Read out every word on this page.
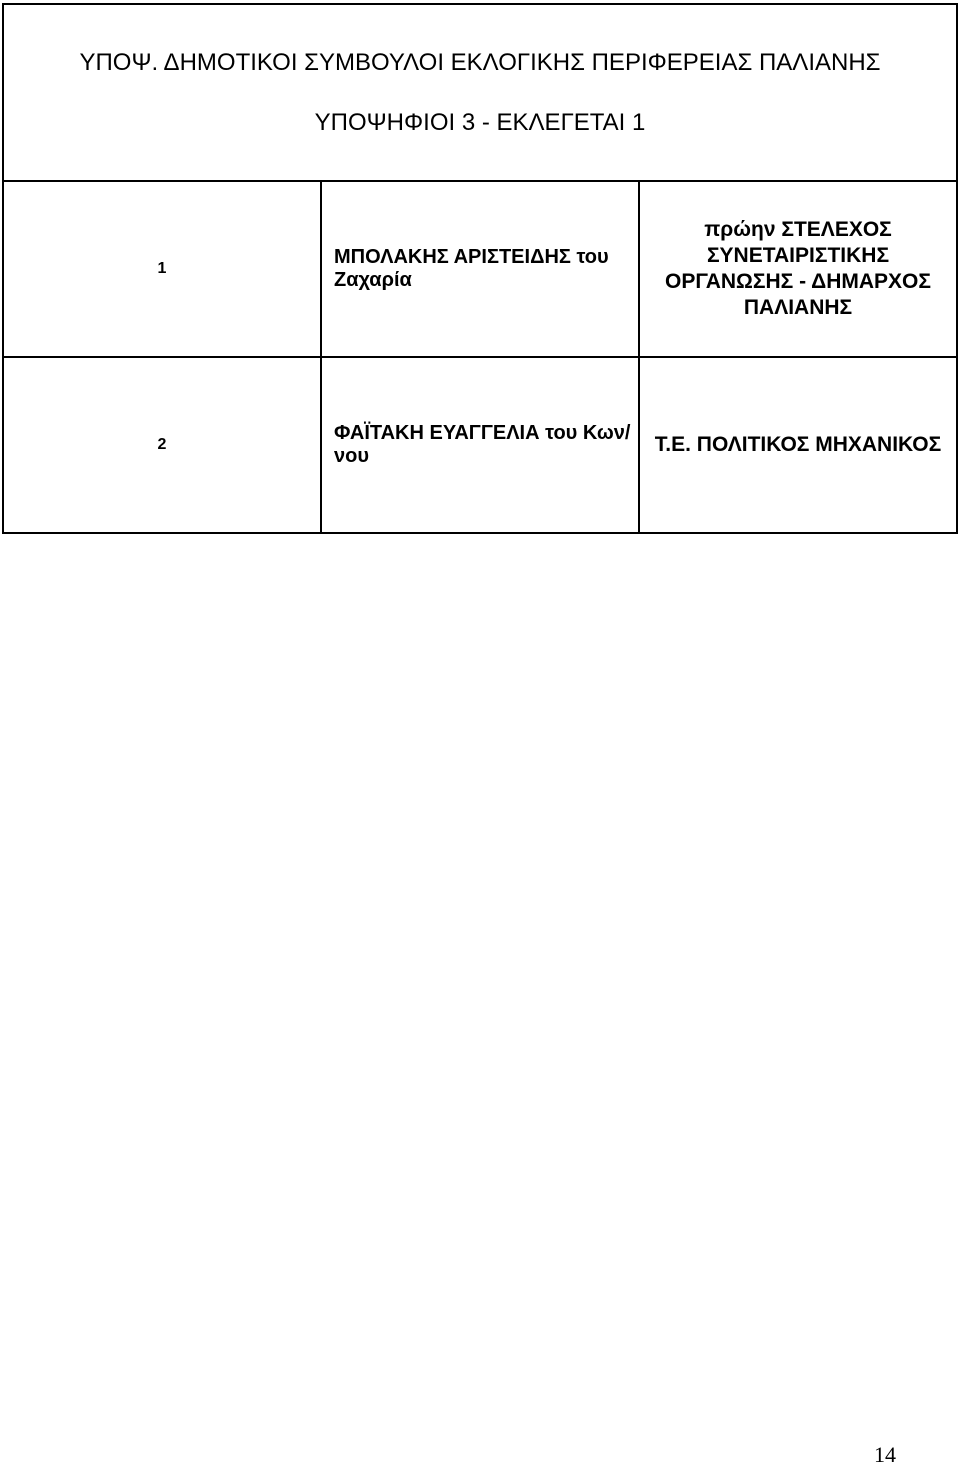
ΥΠΟΨ. ΔΗΜΟΤΙΚΟΙ ΣΥΜΒΟΥΛΟΙ ΕΚΛΟΓΙΚΗΣ ΠΕΡΙΦΕΡΕΙΑΣ ΠΑΛΙΑΝΗΣ
ΥΠΟΨΗΦΙΟΙ 3 - ΕΚΛΕΓΕΤΑΙ 1		

1	ΜΠΟΛΑΚΗΣ ΑΡΙΣΤΕΙΔΗΣ του Ζαχαρία	πρώην ΣΤΕΛΕΧΟΣ ΣΥΝΕΤΑΙΡΙΣΤΙΚΗΣ ΟΡΓΑΝΩΣΗΣ - ΔΗΜΑΡΧΟΣ ΠΑΛΙΑΝΗΣ
2	ΦΑΪΤΑΚΗ ΕΥΑΓΓΕΛΙΑ του Κων/νου	Τ.Ε. ΠΟΛΙΤΙΚΟΣ ΜΗΧΑΝΙΚΟΣ
14
